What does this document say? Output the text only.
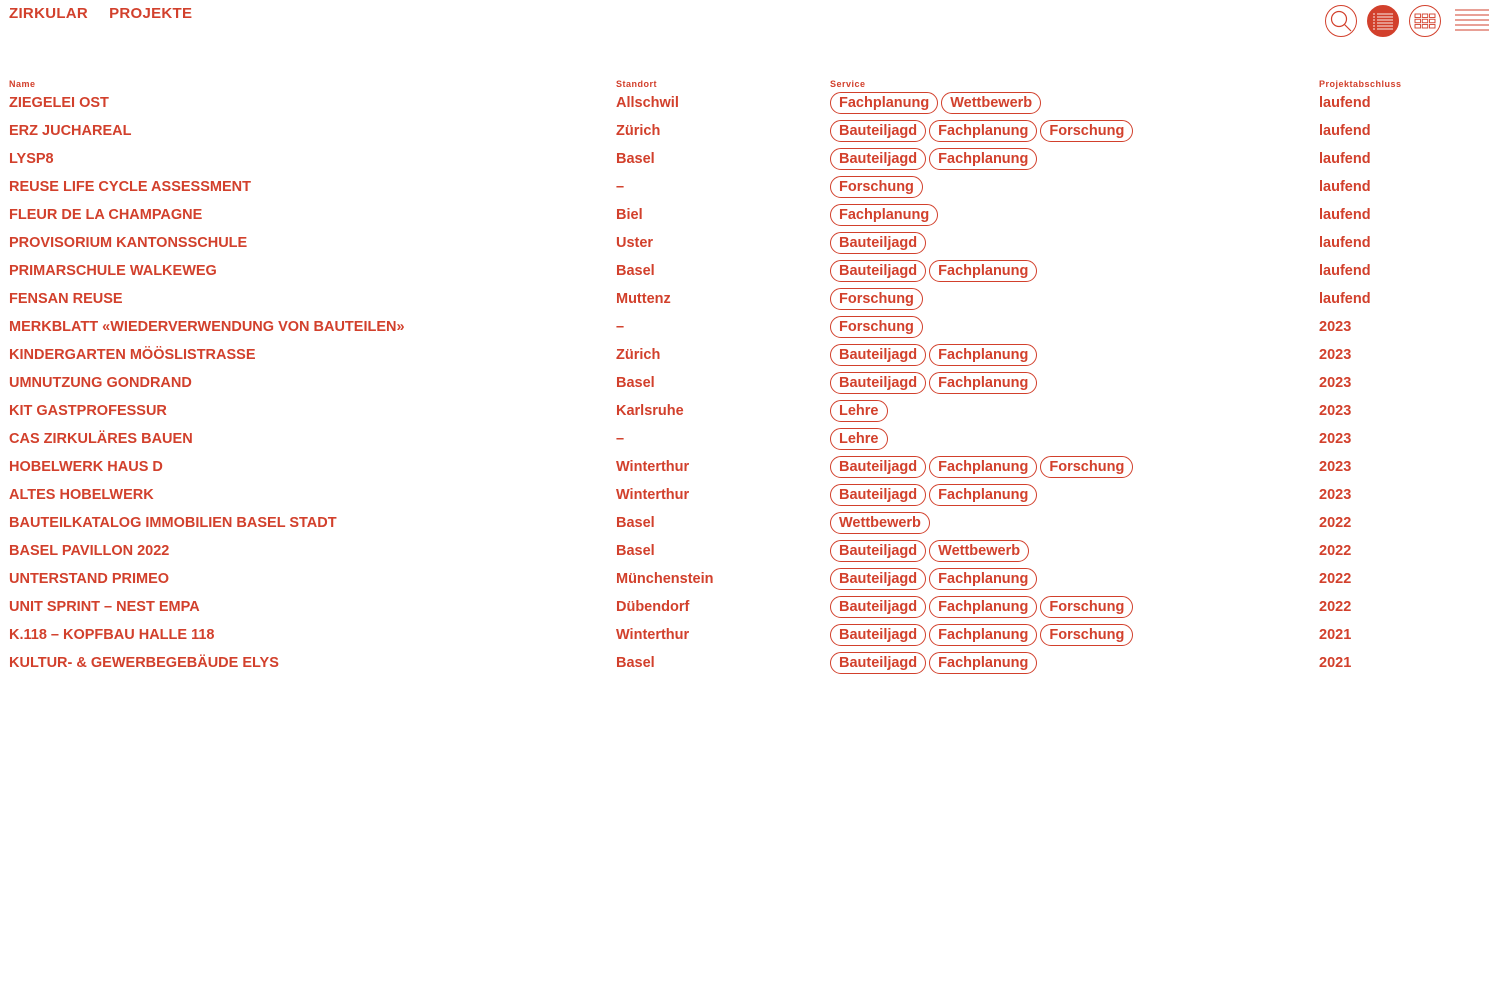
ZIRKULAR PROJEKTE
Name	Standort	Service	Projektabschluss
ZIEGELEI OST	Allschwil	Fachplanung Wettbewerb	laufend
ERZ JUCHAREAL	Zürich	Bauteiljagd Fachplanung Forschung	laufend
LYSP8	Basel	Bauteiljagd Fachplanung	laufend
REUSE LIFE CYCLE ASSESSMENT	–	Forschung	laufend
FLEUR DE LA CHAMPAGNE	Biel	Fachplanung	laufend
PROVISORIUM KANTONSSCHULE	Uster	Bauteiljagd	laufend
PRIMARSCHULE WALKEWEG	Basel	Bauteiljagd Fachplanung	laufend
FENSAN REUSE	Muttenz	Forschung	laufend
MERKBLATT «WIEDERVERWENDUNG VON BAUTEILEN»	–	Forschung	2023
KINDERGARTEN MÖÖSLISTRASSE	Zürich	Bauteiljagd Fachplanung	2023
UMNUTZUNG GONDRAND	Basel	Bauteiljagd Fachplanung	2023
KIT GASTPROFESSUR	Karlsruhe	Lehre	2023
CAS ZIRKULÄRES BAUEN	–	Lehre	2023
HOBELWERK HAUS D	Winterthur	Bauteiljagd Fachplanung Forschung	2023
ALTES HOBELWERK	Winterthur	Bauteiljagd Fachplanung	2023
BAUTEILKATALOG IMMOBILIEN BASEL STADT	Basel	Wettbewerb	2022
BASEL PAVILLON 2022	Basel	Bauteiljagd Wettbewerb	2022
UNTERSTAND PRIMEO	Münchenstein	Bauteiljagd Fachplanung	2022
UNIT SPRINT – NEST EMPA	Dübendorf	Bauteiljagd Fachplanung Forschung	2022
K.118 – KOPFBAU HALLE 118	Winterthur	Bauteiljagd Fachplanung Forschung	2021
KULTUR- & GEWERBEGEBÄUDE ELYS	Basel	Bauteiljagd Fachplanung	2021
